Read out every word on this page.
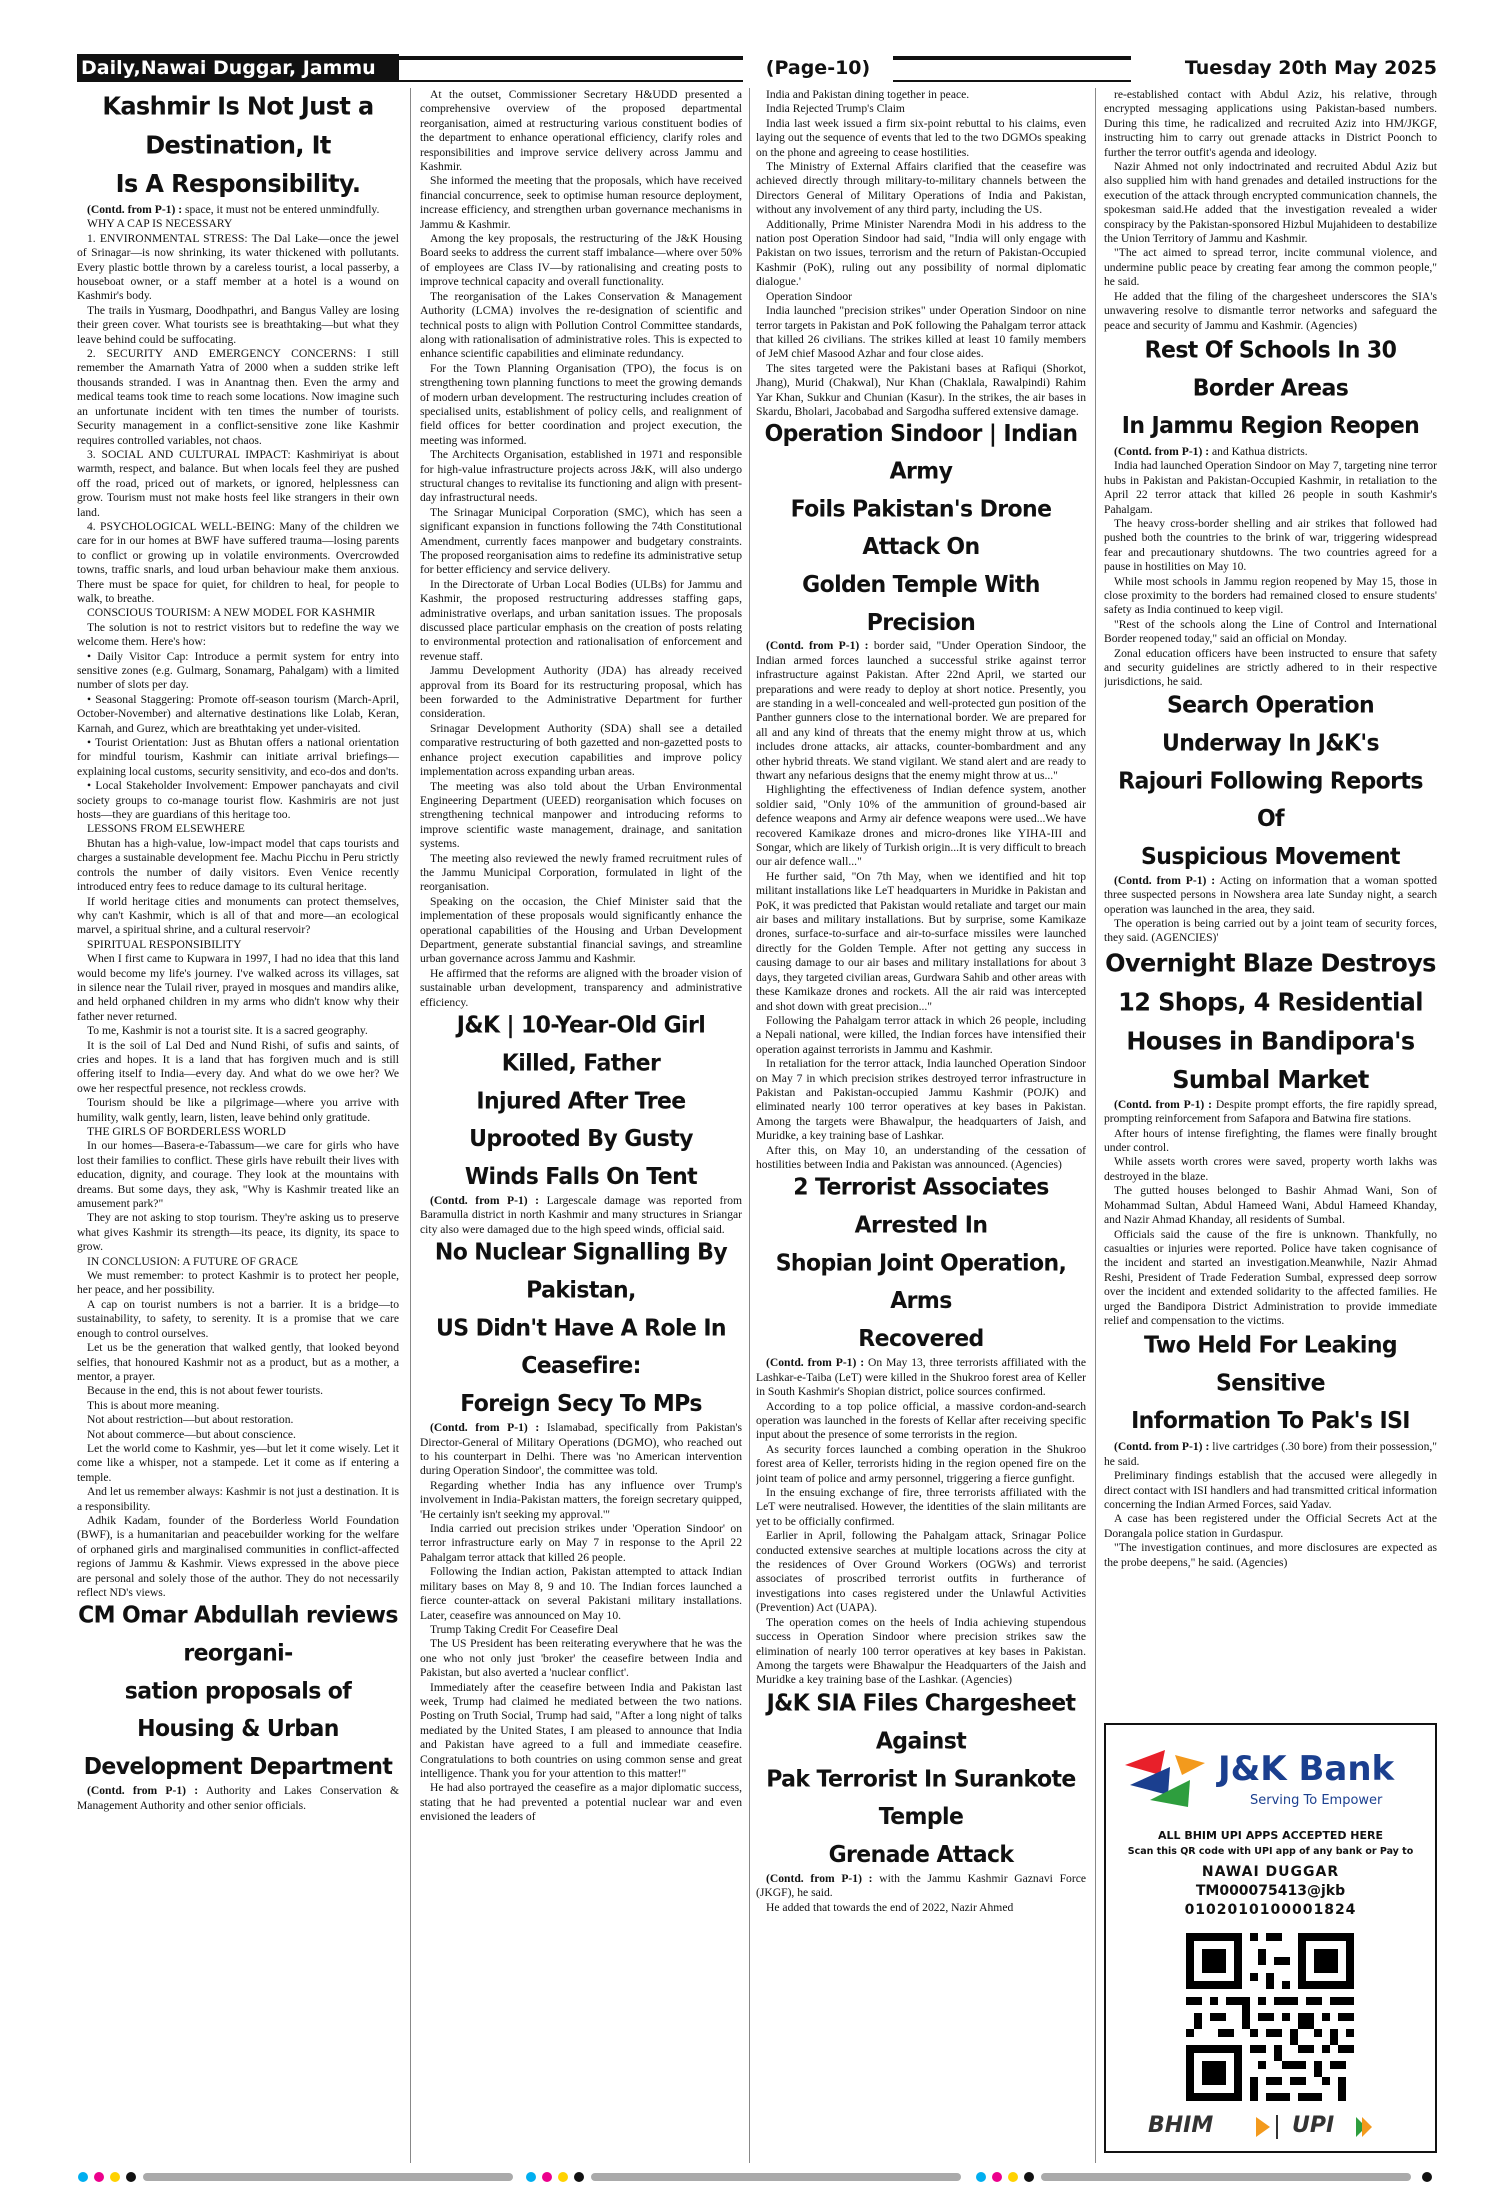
Daily,Nawai Duggar, Jammu	(Page-10)	Tuesday 20th May 2025
Kashmir Is Not Just a Destination, It
Is A Responsibility.

(Contd. from P-1) : space, it must not be entered unmindfully.

WHY A CAP IS NECESSARY

1. ENVIRONMENTAL STRESS: The Dal Lake—once the jewel of Srinagar—is now shrinking, its water thickened with pollutants. Every plastic bottle thrown by a careless tourist, a local passerby, a houseboat owner, or a staff member at a hotel is a wound on Kashmir's body.

The trails in Yusmarg, Doodhpathri, and Bangus Valley are losing their green cover. What tourists see is breathtaking—but what they leave behind could be suffocating.

2. SECURITY AND EMERGENCY CONCERNS: I still remember the Amarnath Yatra of 2000 when a sudden strike left thousands stranded. I was in Anantnag then. Even the army and medical teams took time to reach some locations. Now imagine such an unfortunate incident with ten times the number of tourists. Security management in a conflict-sensitive zone like Kashmir requires controlled variables, not chaos.

3. SOCIAL AND CULTURAL IMPACT: Kashmiriyat is about warmth, respect, and balance. But when locals feel they are pushed off the road, priced out of markets, or ignored, helplessness can grow. Tourism must not make hosts feel like strangers in their own land.

4. PSYCHOLOGICAL WELL-BEING: Many of the children we care for in our homes at BWF have suffered trauma—losing parents to conflict or growing up in volatile environments. Overcrowded towns, traffic snarls, and loud urban behaviour make them anxious. There must be space for quiet, for children to heal, for people to walk, to breathe.

CONSCIOUS TOURISM: A NEW MODEL FOR KASHMIR

The solution is not to restrict visitors but to redefine the way we welcome them. Here's how:

• Daily Visitor Cap: Introduce a permit system for entry into sensitive zones (e.g. Gulmarg, Sonamarg, Pahalgam) with a limited number of slots per day.

• Seasonal Staggering: Promote off-season tourism (March-April, October-November) and alternative destinations like Lolab, Keran, Karnah, and Gurez, which are breathtaking yet under-visited.

• Tourist Orientation: Just as Bhutan offers a national orientation for mindful tourism, Kashmir can initiate arrival briefings—explaining local customs, security sensitivity, and eco-dos and don'ts.

• Local Stakeholder Involvement: Empower panchayats and civil society groups to co-manage tourist flow. Kashmiris are not just hosts—they are guardians of this heritage too.

LESSONS FROM ELSEWHERE

Bhutan has a high-value, low-impact model that caps tourists and charges a sustainable development fee. Machu Picchu in Peru strictly controls the number of daily visitors. Even Venice recently introduced entry fees to reduce damage to its cultural heritage.

If world heritage cities and monuments can protect themselves, why can't Kashmir, which is all of that and more—an ecological marvel, a spiritual shrine, and a cultural reservoir?

SPIRITUAL RESPONSIBILITY

When I first came to Kupwara in 1997, I had no idea that this land would become my life's journey. I've walked across its villages, sat in silence near the Tulail river, prayed in mosques and mandirs alike, and held orphaned children in my arms who didn't know why their father never returned.

To me, Kashmir is not a tourist site. It is a sacred geography.

It is the soil of Lal Ded and Nund Rishi, of sufis and saints, of cries and hopes. It is a land that has forgiven much and is still offering itself to India—every day. And what do we owe her? We owe her respectful presence, not reckless crowds.

Tourism should be like a pilgrimage—where you arrive with humility, walk gently, learn, listen, leave behind only gratitude.

THE GIRLS OF BORDERLESS WORLD

In our homes—Basera-e-Tabassum—we care for girls who have lost their families to conflict. These girls have rebuilt their lives with education, dignity, and courage. They look at the mountains with dreams. But some days, they ask, "Why is Kashmir treated like an amusement park?"

They are not asking to stop tourism. They're asking us to preserve what gives Kashmir its strength—its peace, its dignity, its space to grow.

IN CONCLUSION: A FUTURE OF GRACE

We must remember: to protect Kashmir is to protect her people, her peace, and her possibility.

A cap on tourist numbers is not a barrier. It is a bridge—to sustainability, to safety, to serenity. It is a promise that we care enough to control ourselves.

Let us be the generation that walked gently, that looked beyond selfies, that honoured Kashmir not as a product, but as a mother, a mentor, a prayer.

Because in the end, this is not about fewer tourists.

This is about more meaning.

Not about restriction—but about restoration.

Not about commerce—but about conscience.

Let the world come to Kashmir, yes—but let it come wisely. Let it come like a whisper, not a stampede. Let it come as if entering a temple.

And let us remember always: Kashmir is not just a destination. It is a responsibility.

Adhik Kadam, founder of the Borderless World Foundation (BWF), is a humanitarian and peacebuilder working for the welfare of orphaned girls and marginalised communities in conflict-affected regions of Jammu & Kashmir. Views expressed in the above piece are personal and solely those of the author. They do not necessarily reflect ND's views.

CM Omar Abdullah reviews reorgani-
sation proposals of Housing & Urban
Development Department

(Contd. from P-1) : Authority and Lakes Conservation & Management Authority and other senior officials.

At the outset, Commissioner Secretary H&UDD presented a comprehensive overview of the proposed departmental reorganisation, aimed at restructuring various constituent bodies of the department to enhance operational efficiency, clarify roles and responsibilities and improve service delivery across Jammu and Kashmir.

She informed the meeting that the proposals, which have received financial concurrence, seek to optimise human resource deployment, increase efficiency, and strengthen urban governance mechanisms in Jammu & Kashmir.

Among the key proposals, the restructuring of the J&K Housing Board seeks to address the current staff imbalance—where over 50% of employees are Class IV—by rationalising and creating posts to improve technical capacity and overall functionality.

The reorganisation of the Lakes Conservation & Management Authority (LCMA) involves the re-designation of scientific and technical posts to align with Pollution Control Committee standards, along with rationalisation of administrative roles. This is expected to enhance scientific capabilities and eliminate redundancy.

For the Town Planning Organisation (TPO), the focus is on strengthening town planning functions to meet the growing demands of modern urban development. The restructuring includes creation of specialised units, establishment of policy cells, and realignment of field offices for better coordination and project execution, the meeting was informed.

The Architects Organisation, established in 1971 and responsible for high-value infrastructure projects across J&K, will also undergo structural changes to revitalise its functioning and align with present-day infrastructural needs.

The Srinagar Municipal Corporation (SMC), which has seen a significant expansion in functions following the 74th Constitutional Amendment, currently faces manpower and budgetary constraints. The proposed reorganisation aims to redefine its administrative setup for better efficiency and service delivery.

In the Directorate of Urban Local Bodies (ULBs) for Jammu and Kashmir, the proposed restructuring addresses staffing gaps, administrative overlaps, and urban sanitation issues. The proposals discussed place particular emphasis on the creation of posts relating to environmental protection and rationalisation of enforcement and revenue staff.

Jammu Development Authority (JDA) has already received approval from its Board for its restructuring proposal, which has been forwarded to the Administrative Department for further consideration.

Srinagar Development Authority (SDA) shall see a detailed comparative restructuring of both gazetted and non-gazetted posts to enhance project execution capabilities and improve policy implementation across expanding urban areas.

The meeting was also told about the Urban Environmental Engineering Department (UEED) reorganisation which focuses on strengthening technical manpower and introducing reforms to improve scientific waste management, drainage, and sanitation systems.

The meeting also reviewed the newly framed recruitment rules of the Jammu Municipal Corporation, formulated in light of the reorganisation.

Speaking on the occasion, the Chief Minister said that the implementation of these proposals would significantly enhance the operational capabilities of the Housing and Urban Development Department, generate substantial financial savings, and streamline urban governance across Jammu and Kashmir.

He affirmed that the reforms are aligned with the broader vision of sustainable urban development, transparency and administrative efficiency.

J&K | 10-Year-Old Girl Killed, Father
Injured After Tree Uprooted By Gusty
Winds Falls On Tent

(Contd. from P-1) : Largescale damage was reported from Baramulla district in north Kashmir and many structures in Sriangar city also were damaged due to the high speed winds, official said.

No Nuclear Signalling By Pakistan,
US Didn't Have A Role In Ceasefire:
Foreign Secy To MPs

(Contd. from P-1) : Islamabad, specifically from Pakistan's Director-General of Military Operations (DGMO), who reached out to his counterpart in Delhi. There was 'no American intervention during Operation Sindoor', the committee was told.

Regarding whether India has any influence over Trump's involvement in India-Pakistan matters, the foreign secretary quipped, 'He certainly isn't seeking my approval.'"

India carried out precision strikes under 'Operation Sindoor' on terror infrastructure early on May 7 in response to the April 22 Pahalgam terror attack that killed 26 people.

Following the Indian action, Pakistan attempted to attack Indian military bases on May 8, 9 and 10. The Indian forces launched a fierce counter-attack on several Pakistani military installations. Later, ceasefire was announced on May 10.

Trump Taking Credit For Ceasefire Deal

The US President has been reiterating everywhere that he was the one who not only just 'broker' the ceasefire between India and Pakistan, but also averted a 'nuclear conflict'.

Immediately after the ceasefire between India and Pakistan last week, Trump had claimed he mediated between the two nations. Posting on Truth Social, Trump had said, "After a long night of talks mediated by the United States, I am pleased to announce that India and Pakistan have agreed to a full and immediate ceasefire. Congratulations to both countries on using common sense and great intelligence. Thank you for your attention to this matter!"

He had also portrayed the ceasefire as a major diplomatic success, stating that he had prevented a potential nuclear war and even envisioned the leaders of

India and Pakistan dining together in peace.

India Rejected Trump's Claim

India last week issued a firm six-point rebuttal to his claims, even laying out the sequence of events that led to the two DGMOs speaking on the phone and agreeing to cease hostilities.

The Ministry of External Affairs clarified that the ceasefire was achieved directly through military-to-military channels between the Directors General of Military Operations of India and Pakistan, without any involvement of any third party, including the US.

Additionally, Prime Minister Narendra Modi in his address to the nation post Operation Sindoor had said, "India will only engage with Pakistan on two issues, terrorism and the return of Pakistan-Occupied Kashmir (PoK), ruling out any possibility of normal diplomatic dialogue.'

Operation Sindoor

India launched "precision strikes" under Operation Sindoor on nine terror targets in Pakistan and PoK following the Pahalgam terror attack that killed 26 civilians. The strikes killed at least 10 family members of JeM chief Masood Azhar and four close aides.

The sites targeted were the Pakistani bases at Rafiqui (Shorkot, Jhang), Murid (Chakwal), Nur Khan (Chaklala, Rawalpindi) Rahim Yar Khan, Sukkur and Chunian (Kasur). In the strikes, the air bases in Skardu, Bholari, Jacobabad and Sargodha suffered extensive damage.

Operation Sindoor | Indian Army
Foils Pakistan's Drone Attack On
Golden Temple With Precision

(Contd. from P-1) : border said, "Under Operation Sindoor, the Indian armed forces launched a successful strike against terror infrastructure against Pakistan. After 22nd April, we started our preparations and were ready to deploy at short notice. Presently, you are standing in a well-concealed and well-protected gun position of the Panther gunners close to the international border. We are prepared for all and any kind of threats that the enemy might throw at us, which includes drone attacks, air attacks, counter-bombardment and any other hybrid threats. We stand vigilant. We stand alert and are ready to thwart any nefarious designs that the enemy might throw at us..."

Highlighting the effectiveness of Indian defence system, another soldier said, "Only 10% of the ammunition of ground-based air defence weapons and Army air defence weapons were used...We have recovered Kamikaze drones and micro-drones like YIHA-III and Songar, which are likely of Turkish origin...It is very difficult to breach our air defence wall..."

He further said, "On 7th May, when we identified and hit top militant installations like LeT headquarters in Muridke in Pakistan and PoK, it was predicted that Pakistan would retaliate and target our main air bases and military installations. But by surprise, some Kamikaze drones, surface-to-surface and air-to-surface missiles were launched directly for the Golden Temple. After not getting any success in causing damage to our air bases and military installations for about 3 days, they targeted civilian areas, Gurdwara Sahib and other areas with these Kamikaze drones and rockets. All the air raid was intercepted and shot down with great precision..."

Following the Pahalgam terror attack in which 26 people, including a Nepali national, were killed, the Indian forces have intensified their operation against terrorists in Jammu and Kashmir.

In retaliation for the terror attack, India launched Operation Sindoor on May 7 in which precision strikes destroyed terror infrastructure in Pakistan and Pakistan-occupied Jammu Kashmir (POJK) and eliminated nearly 100 terror operatives at key bases in Pakistan. Among the targets were Bhawalpur, the headquarters of Jaish, and Muridke, a key training base of Lashkar.

After this, on May 10, an understanding of the cessation of hostilities between India and Pakistan was announced. (Agencies)

2 Terrorist Associates Arrested In
Shopian Joint Operation, Arms
Recovered

(Contd. from P-1) : On May 13, three terrorists affiliated with the Lashkar-e-Taiba (LeT) were killed in the Shukroo forest area of Keller in South Kashmir's Shopian district, police sources confirmed.

According to a top police official, a massive cordon-and-search operation was launched in the forests of Kellar after receiving specific input about the presence of some terrorists in the region.

As security forces launched a combing operation in the Shukroo forest area of Keller, terrorists hiding in the region opened fire on the joint team of police and army personnel, triggering a fierce gunfight.

In the ensuing exchange of fire, three terrorists affiliated with the LeT were neutralised. However, the identities of the slain militants are yet to be officially confirmed.

Earlier in April, following the Pahalgam attack, Srinagar Police conducted extensive searches at multiple locations across the city at the residences of Over Ground Workers (OGWs) and terrorist associates of proscribed terrorist outfits in furtherance of investigations into cases registered under the Unlawful Activities (Prevention) Act (UAPA).

The operation comes on the heels of India achieving stupendous success in Operation Sindoor where precision strikes saw the elimination of nearly 100 terror operatives at key bases in Pakistan. Among the targets were Bhawalpur the Headquarters of the Jaish and Muridke a key training base of the Lashkar. (Agencies)

J&K SIA Files Chargesheet Against
Pak Terrorist In Surankote Temple
Grenade Attack

(Contd. from P-1) : with the Jammu Kashmir Gaznavi Force (JKGF), he said.

He added that towards the end of 2022, Nazir Ahmed

re-established contact with Abdul Aziz, his relative, through encrypted messaging applications using Pakistan-based numbers. During this time, he radicalized and recruited Aziz into HM/JKGF, instructing him to carry out grenade attacks in District Poonch to further the terror outfit's agenda and ideology.

Nazir Ahmed not only indoctrinated and recruited Abdul Aziz but also supplied him with hand grenades and detailed instructions for the execution of the attack through encrypted communication channels, the spokesman said.He added that the investigation revealed a wider conspiracy by the Pakistan-sponsored Hizbul Mujahideen to destabilize the Union Territory of Jammu and Kashmir.

"The act aimed to spread terror, incite communal violence, and undermine public peace by creating fear among the common people," he said.

He added that the filing of the chargesheet underscores the SIA's unwavering resolve to dismantle terror networks and safeguard the peace and security of Jammu and Kashmir. (Agencies)

Rest Of Schools In 30 Border Areas
In Jammu Region Reopen

(Contd. from P-1) : and Kathua districts.

India had launched Operation Sindoor on May 7, targeting nine terror hubs in Pakistan and Pakistan-Occupied Kashmir, in retaliation to the April 22 terror attack that killed 26 people in south Kashmir's Pahalgam.

The heavy cross-border shelling and air strikes that followed had pushed both the countries to the brink of war, triggering widespread fear and precautionary shutdowns. The two countries agreed for a pause in hostilities on May 10.

While most schools in Jammu region reopened by May 15, those in close proximity to the borders had remained closed to ensure students' safety as India continued to keep vigil.

"Rest of the schools along the Line of Control and International Border reopened today," said an official on Monday.

Zonal education officers have been instructed to ensure that safety and security guidelines are strictly adhered to in their respective jurisdictions, he said.

Search Operation Underway In J&K's
Rajouri Following Reports Of
Suspicious Movement

(Contd. from P-1) : Acting on information that a woman spotted three suspected persons in Nowshera area late Sunday night, a search operation was launched in the area, they said.

The operation is being carried out by a joint team of security forces, they said. (AGENCIES)'

Overnight Blaze Destroys
12 Shops, 4 Residential
Houses in Bandipora's
Sumbal Market

(Contd. from P-1) : Despite prompt efforts, the fire rapidly spread, prompting reinforcement from Safapora and Batwina fire stations.

After hours of intense firefighting, the flames were finally brought under control.

While assets worth crores were saved, property worth lakhs was destroyed in the blaze.

The gutted houses belonged to Bashir Ahmad Wani, Son of Mohammad Sultan, Abdul Hameed Wani, Abdul Hameed Khanday, and Nazir Ahmad Khanday, all residents of Sumbal.

Officials said the cause of the fire is unknown. Thankfully, no casualties or injuries were reported. Police have taken cognisance of the incident and started an investigation.Meanwhile, Nazir Ahmad Reshi, President of Trade Federation Sumbal, expressed deep sorrow over the incident and extended solidarity to the affected families. He urged the Bandipora District Administration to provide immediate relief and compensation to the victims.

Two Held For Leaking Sensitive
Information To Pak's ISI

(Contd. from P-1) : live cartridges (.30 bore) from their possession," he said.

Preliminary findings establish that the accused were allegedly in direct contact with ISI handlers and had transmitted critical information concerning the Indian Armed Forces, said Yadav.

A case has been registered under the Official Secrets Act at the Dorangala police station in Gurdaspur.

"The investigation continues, and more disclosures are expected as the probe deepens," he said. (Agencies)

J&K Bank
Serving To Empower
ALL BHIM UPI APPS ACCEPTED HERE
Scan this QR code with UPI app of any bank or Pay to
NAWAI DUGGAR
TM000075413@jkb
0102010100001824
BHIM	UPI
